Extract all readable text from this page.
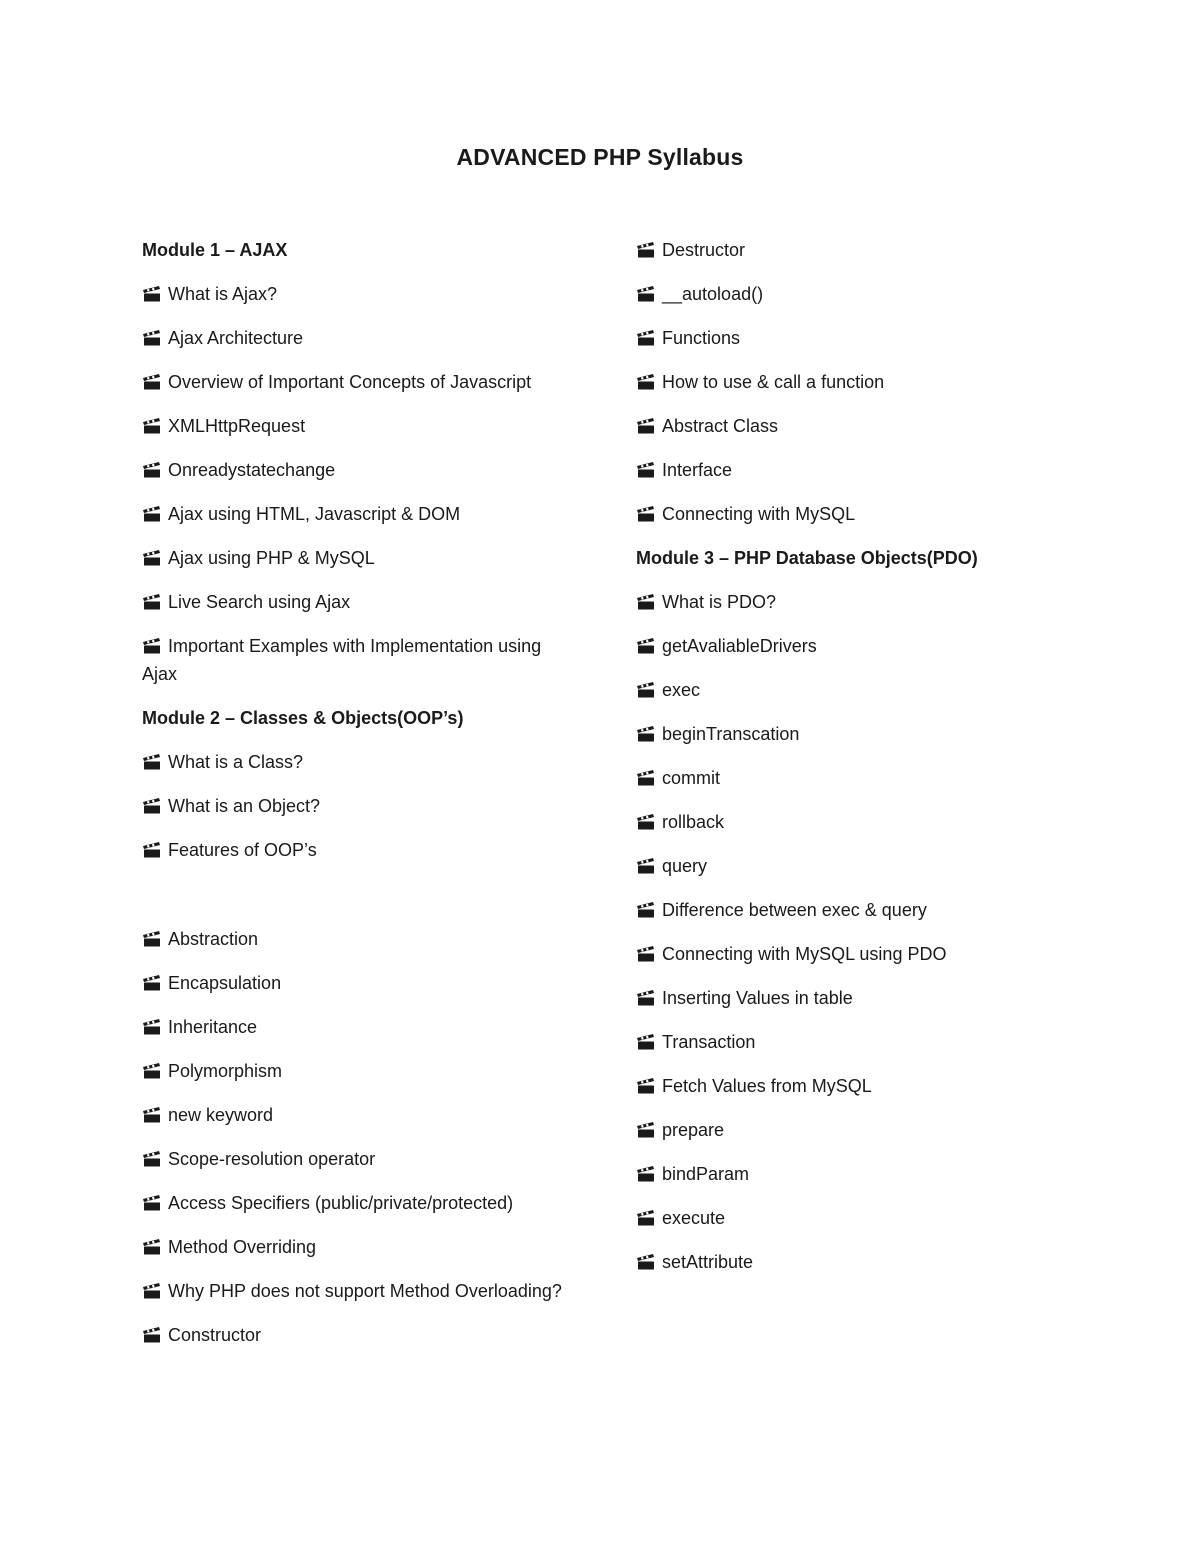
ADVANCED PHP Syllabus
Module 1 – AJAX
What is Ajax?
Ajax Architecture
Overview of Important Concepts of Javascript
XMLHttpRequest
Onreadystatechange
Ajax using HTML, Javascript & DOM
Ajax using PHP & MySQL
Live Search using Ajax
Important Examples with Implementation using Ajax
Module 2 – Classes & Objects(OOP’s)
What is a Class?
What is an Object?
Features of OOP’s
Abstraction
Encapsulation
Inheritance
Polymorphism
new keyword
Scope-resolution operator
Access Specifiers (public/private/protected)
Method Overriding
Why PHP does not support Method Overloading?
Constructor
Destructor
__autoload()
Functions
How to use & call a function
Abstract Class
Interface
Connecting with MySQL
Module 3 – PHP Database Objects(PDO)
What is PDO?
getAvaliableDrivers
exec
beginTranscation
commit
rollback
query
Difference between exec & query
Connecting with MySQL using PDO
Inserting Values in table
Transaction
Fetch Values from MySQL
prepare
bindParam
execute
setAttribute
